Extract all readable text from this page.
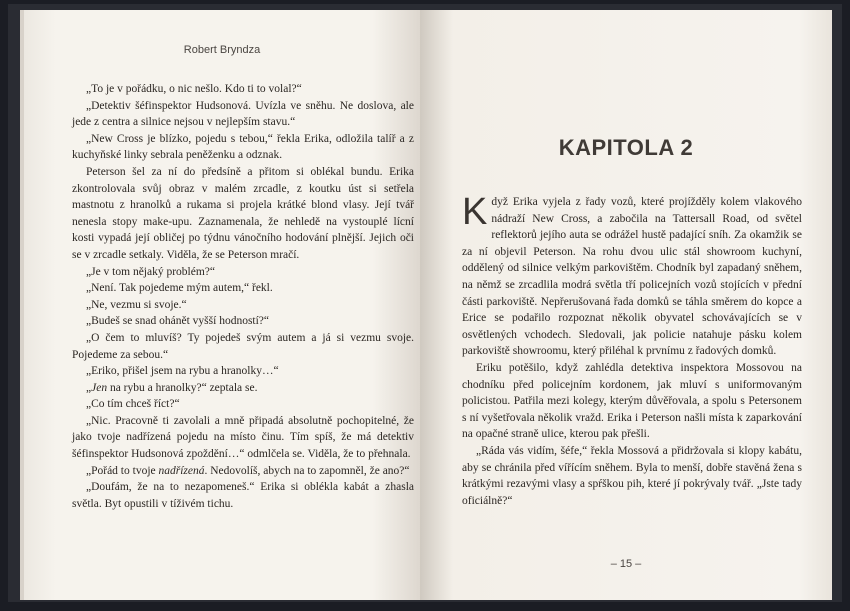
Robert Bryndza

„To je v pořádku, o nic nešlo. Kdo ti to volal?“

„Detektiv šéfinspektor Hudsonová. Uvízla ve sněhu. Ne doslova, ale jede z centra a silnice nejsou v nejlepším stavu.“

„New Cross je blízko, pojedu s tebou,“ řekla Erika, odložila talíř a z kuchyňské linky sebrala peněženku a odznak.

Peterson šel za ní do předsíně a přitom si oblékal bundu. Erika zkontrolovala svůj obraz v malém zrcadle, z koutku úst si setřela mastnotu z hranolků a rukama si projela krátké blond vlasy. Její tvář nenesla stopy make-upu. Zaznamenala, že nehledě na vystouplé lícní kosti vypadá její obličej po týdnu vánočního hodování plnější. Jejich oči se v zrcadle setkaly. Viděla, že se Peterson mračí.

„Je v tom nějaký problém?“

„Není. Tak pojedeme mým autem,“ řekl.

„Ne, vezmu si svoje.“

„Budeš se snad ohánět vyšší hodností?“

„O čem to mluvíš? Ty pojedeš svým autem a já si vezmu svoje. Pojedeme za sebou.“

„Eriko, přišel jsem na rybu a hranolky…“

„Jen na rybu a hranolky?“ zeptala se.

„Co tím chceš říct?“

„Nic. Pracovně ti zavolali a mně připadá absolutně pochopitelné, že jako tvoje nadřízená pojedu na místo činu. Tím spíš, že má detektiv šéfinspektor Hudsonová zpoždění…“ odmlčela se. Viděla, že to přehnala.

„Pořád to tvoje nadřízená. Nedovolíš, abych na to zapomněl, že ano?“

„Doufám, že na to nezapomeneš.“ Erika si oblékla kabát a zhasla světla. Byt opustili v tíživém tichu.

KAPITOLA 2

Když Erika vyjela z řady vozů, které projížděly kolem vlakového nádraží New Cross, a zabočila na Tattersall Road, od světel reflektorů jejího auta se odrážel hustě padající sníh. Za okamžik se za ní objevil Peterson. Na rohu dvou ulic stál showroom kuchyní, oddělený od silnice velkým parkovištěm. Chodník byl zapadaný sněhem, na němž se zrcadlila modrá světla tří policejních vozů stojících v přední části parkoviště. Nepřerušovaná řada domků se táhla směrem do kopce a Erice se podařilo rozpoznat několik obyvatel schovávajících se v osvětlených vchodech. Sledovali, jak policie natahuje pásku kolem parkoviště showroomu, který přiléhal k prvnímu z řadových domků.

Eriku potěšilo, když zahlédla detektiva inspektora Mossovou na chodníku před policejním kordonem, jak mluví s uniformovaným policistou. Patřila mezi kolegy, kterým důvěřovala, a spolu s Petersonem s ní vyšetřovala několik vražd. Erika i Peterson našli místa k zaparkování na opačné straně ulice, kterou pak přešli.

„Ráda vás vidím, šéfe,“ řekla Mossová a přidržovala si klopy kabátu, aby se chránila před vířícím sněhem. Byla to menší, dobře stavěná žena s krátkými rezavými vlasy a spŕškou pih, které jí pokrývaly tvář. „Jste tady oficiálně?“

– 15 –
